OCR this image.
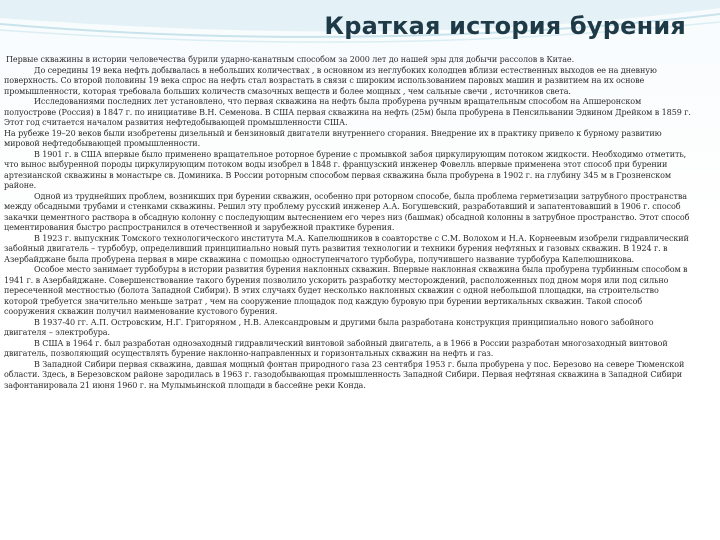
Краткая история бурения

Первые скважины в истории человечества бурили ударно-канатным способом за 2000 лет до нашей эры для добычи рассолов в Китае.

До середины 19 века нефть добывалась в небольших количествах , в основном из неглубоких колодцев вблизи естественных выходов ее на дневную поверхность. Со второй половины 19 века спрос на нефть стал возрастать в связи с широким использованием паровых машин и развитием на их основе промышленности, которая требовала больших количеств смазочных веществ и более мощных , чем сальные свечи , источников света.

Исследованиями последних лет установлено, что первая скважина на нефть была пробурена ручным вращательным способом на Апшеронском полуострове (Россия) в 1847 г. по инициативе В.Н. Семенова. В США первая скважина на нефть (25м) была пробурена в Пенсильвании Эдвином Дрейком в 1859 г. Этот год считается началом развития нефтедобывающей промышленности США.

На рубеже 19–20 веков были изобретены дизельный и бензиновый двигатели внутреннего сгорания. Внедрение их в практику привело к бурному развитию мировой нефтедобывающей промышленности.

В 1901 г. в США впервые было применено вращательное роторное бурение с промывкой забоя циркулирующим потоком жидкости. Необходимо отметить, что вынос выбуренной породы циркулирующим потоком воды изобрел в 1848 г. французский инженер Фовелль впервые применена этот способ при бурении артезианской скважины в монастыре св. Доминика. В России роторным способом первая скважина была пробурена в 1902 г. на глубину 345 м в Грозненском районе.

Одной из труднейших проблем, возникших при бурении скважин, особенно при роторном способе, была проблема герметизации затрубного пространства между обсадными трубами и стенками скважины. Решил эту проблему русский инженер А.А. Богушевский, разработавший и запатентовавший в 1906 г. способ закачки цементного раствора в обсадную колонну с последующим вытеснением его через низ (башмак) обсадной колонны в затрубное пространство. Этот способ цементирования быстро распространился в отечественной и зарубежной практике бурения.

В 1923 г. выпускник Томского технологического института М.А. Капелюшников в соавторстве с С.М. Волохом и Н.А. Корнеевым изобрели гидравлический забойный двигатель – турбобур, определивший принципиально новый путь развития технологии и техники бурения нефтяных и газовых скважин. В 1924 г. в Азербайджане была пробурена первая в мире скважина с помощью одноступенчатого турбобура, получившего название турбобура Капелюшникова.

Особое место занимает турбобуры в истории развития бурения наклонных скважин. Впервые наклонная скважина была пробурена турбинным способом в 1941 г. в Азербайджане. Совершенствование такого бурения позволило ускорить разработку месторождений, расположенных под дном моря или под сильно пересеченной местностью (болота Западной Сибири). В этих случаях будет несколько наклонных скважин с одной небольшой площадки, на строительство которой требуется значительно меньше затрат , чем на сооружение площадок под каждую буровую при бурении вертикальных скважин. Такой способ сооружения скважин получил наименование кустового бурения.

В 1937-40 гг. А.П. Островским, Н.Г. Григоряном , Н.В. Александровым и другими была разработана конструкция принципиально нового забойного двигателя – электробура.

В США в 1964 г. был разработан одноэаходный гидравлический винтовой забойный двигатель, а в 1966 в России разработан многозаходный винтовой двигатель, позволяющий осуществлять бурение наклонно-направленных и горизонтальных скважин на нефть и газ.

В Западной Сибири первая скважина, давшая мощный фонтан природного газа 23 сентября 1953 г. была пробурена у пос. Березово на севере Тюменской области. Здесь, в Березовском районе зародилась в 1963 г. газодобывающая промышленность Западной Сибири. Первая нефтяная скважина в Западной Сибири зафонтанировала 21 июня 1960 г. на Мулымьинской площади в бассейне реки Конда.
